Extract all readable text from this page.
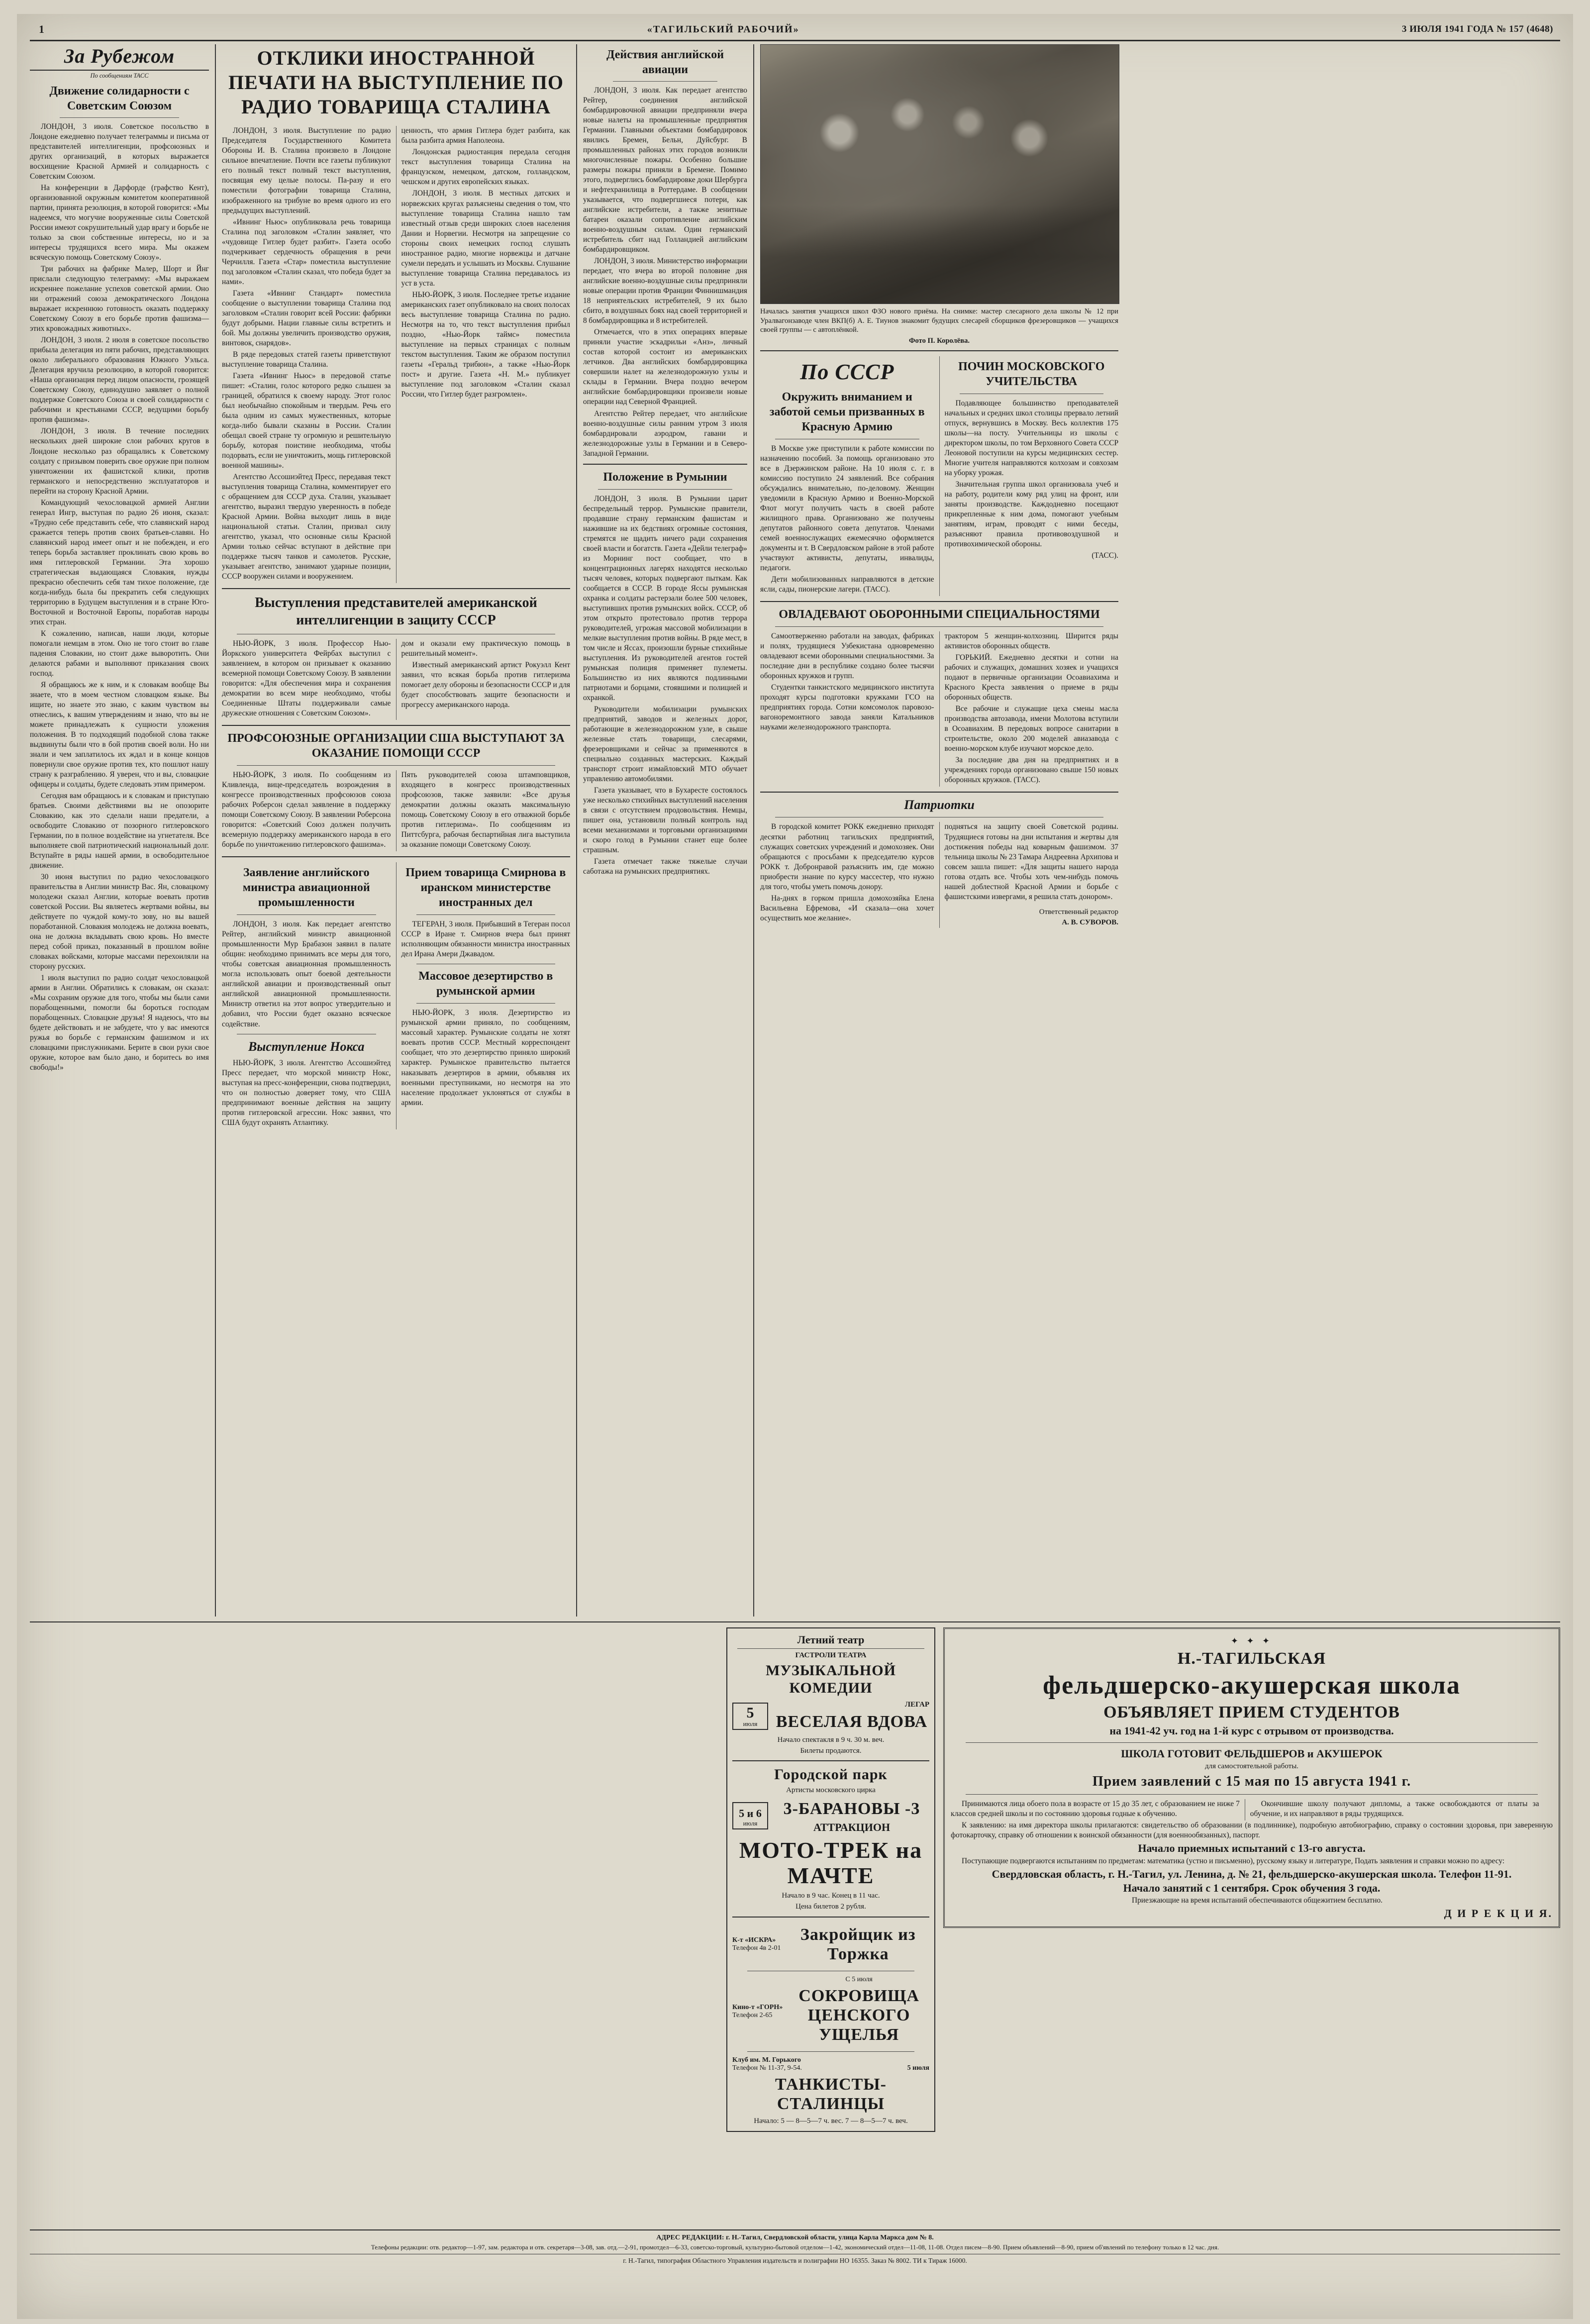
1	«ТАГИЛЬСКИЙ РАБОЧИЙ»	3 ИЮЛЯ 1941 ГОДА № 157 (4648)
За Рубежом
По сообщениям ТАСС
Движение солидарности с Советским Союзом

ЛОНДОН, 3 июля. Советское посольство в Лондоне ежедневно получает телеграммы и письма от представителей интеллигенции, профсоюзных и других организаций, в которых выражается восхищение Красной Армией и солидарность с Советским Союзом.

На конференции в Дарфорде (графство Кент), организованной окружным комитетом кооперативной партии, принята резолюция, в которой говорится: «Мы надеемся, что могучие вооруженные силы Советской России имеют сокрушительный удар врагу и борьбе не только за свои собственные интересы, но и за интересы трудящихся всего мира. Мы окажем всяческую помощь Советскому Союзу».

Три рабочих на фабрике Малер, Шорт и Йнг прислали следующую телеграмму: «Мы выражаем искреннее пожелание успехов советской армии. Оно ни отражений союза демократического Лондона выражает искреннюю готовность оказать поддержку Советскому Союзу в его борьбе против фашизма—этих кровожадных животных».

ЛОНДОН, 3 июля. 2 июля в советское посольство прибыла делегация из пяти рабочих, представляющих около либерального образования Южного Уэльса. Делегация вручила резолюцию, в которой говорится: «Наша организация перед лицом опасности, грозящей Советскому Союзу, единодушно заявляет о полной поддержке Советского Союза и своей солидарности с рабочими и крестьянами СССР, ведущими борьбу против фашизма».

ЛОНДОН, 3 июля. В течение последних нескольких дней широкие слои рабочих кругов в Лондоне несколько раз обращались к Советскому солдату с призывом поверить свое оружие при полном уничтожении их фашистской клики, против германского и непосредственно эксплуататоров и перейти на сторону Красной Армии.

Командующий чехословацкой армией Англии генерал Ингр, выступая по радио 26 июня, сказал: «Трудно себе представить себе, что славянский народ сражается теперь против своих братьев-славян. Но славянский народ имеет опыт и не побежден, и его теперь борьба заставляет проклинать свою кровь во имя гитлеровской Германии. Эта хорошо стратегическая выдающаяся Словакия, нужды прекрасно обеспечить себя там тихое положение, где когда-нибудь была бы прекратить себя следующих территорию в Будущем выступления и в стране Юго-Восточной и Восточной Европы, поработав народы этих стран.

К сожалению, написав, наши люди, которые помогали немцам в этом. Оно не того стоит во главе падения Словакии, но стоит даже выворотить. Они делаются рабами и выполняют приказания своих господ.

Я обращаюсь же к ним, и к словакам вообще Вы знаете, что в моем честном словацком языке. Вы ищите, но знаете это знаю, с каким чувством вы отнеслись, к вашим утверждениям и знаю, что вы не можете принадлежать к сущности уложения положения. В то подходящий подобной слова также выдвинуты были что в бой против своей воли. Но ни знали и чем заплатилось их ждал и в конце концов повернули свое оружие против тех, кто пошлют нашу страну к разграблению. Я уверен, что и вы, словацкие офицеры и солдаты, будете следовать этим примером.

Сегодня вам обращаюсь и к словакам и приступаю братьев. Своими действиями вы не опозорите Словакию, как это сделали наши предатели, а освободите Словакию от позорного гитлеровского Германии, по в полное воздействие на угнетателя. Все выполняете свой патриотический национальный долг. Вступайте в ряды нашей армии, в освободительное движение.

30 июня выступил по радио чехословацкого правительства в Англии министр Вас. Ян, словацкому молодежи сказал Англии, которые воевать против советской России. Вы являетесь жертвами войны, вы действуете по чуждой кому-то зову, но вы вашей поработанной. Словакия молодежь не должна воевать, она не должна вкладывать свою кровь. Но вместе перед собой приказ, показанный в прошлом войне словаках войсками, которые массами перехоиляли на сторону русских.

1 июля выступил по радио солдат чехословацкой армии в Англии. Обратились к словакам, он сказал: «Мы сохраним оружие для того, чтобы мы были сами порабощенными, помогли бы бороться господам порабощенных. Словацкие друзья! Я надеюсь, что вы будете действовать и не забудете, что у вас имеются ружья во борьбе с германским фашизмом и их словацкими прислужниками. Берите в свои руки свое оружие, которое вам было дано, и боритесь во имя свободы!»

ОТКЛИКИ ИНОСТРАННОЙ ПЕЧАТИ НА ВЫСТУПЛЕНИЕ ПО РАДИО ТОВАРИЩА СТАЛИНА

ЛОНДОН, 3 июля. Выступление по радио Председателя Государственного Комитета Обороны И. В. Сталина произвело в Лондоне сильное впечатление. Почти все газеты публикуют его полный текст полный текст выступления, посвящая ему целые полосы. Па-разу и его поместили фотографии товарища Сталина, изображенного на трибуне во время одного из его предыдущих выступлений.

«Ивнинг Ньюс» опубликовала речь товарища Сталина под заголовком «Сталин заявляет, что «чудовище Гитлер будет разбит». Газета особо подчеркивает сердечность обращения в речи Черчилля. Газета «Стар» поместила выступление под заголовком «Сталин сказал, что победа будет за нами».

Газета «Ивнинг Стандарт» поместила сообщение о выступлении товарища Сталина под заголовком «Сталин говорит всей России: фабрики будут добрыми. Нации главные силы встретить и бой. Мы должны увеличить производство оружия, винтовок, снарядов».

В ряде передовых статей газеты приветствуют выступление товарища Сталина.

Газета «Ивнинг Ньюс» в передовой статье пишет: «Сталин, голос которого редко слышен за границей, обратился к своему народу. Этот голос был необычайно спокойным и твердым. Речь его была одним из самых мужественных, которые когда-либо бывали сказаны в России. Сталин обещал своей стране ту огромную и решительную борьбу, которая поистине необходима, чтобы подорвать, если не уничтожить, мощь гитлеровской военной машины».

Агентство Ассошиэйтед Пресс, передавая текст выступления товарища Сталина, комментирует его с обращением для СССР духа. Сталин, указывает агентство, выразил твердую уверенность в победе Красной Армии. Война выходит лишь в виде национальной статьи. Сталин, призвал силу агентство, указал, что основные силы Красной Армии только сейчас вступают в действие при поддержке тысяч танков и самолетов. Русские, указывает агентство, занимают ударные позиции, СССР вооружен силами и вооружением.

ценность, что армия Гитлера будет разбита, как была разбита армия Наполеона.

Лондонская радиостанция передала сегодня текст выступления товарища Сталина на французском, немецком, датском, голландском, чешском и других европейских языках.

ЛОНДОН, 3 июля. В местных датских и норвежских кругах разъяснены сведения о том, что выступление товарища Сталина нашло там известный отзыв среди широких слоев населения Дании и Норвегии. Несмотря на запрещение со стороны своих немецких господ слушать иностранное радио, многие норвежцы и датчане сумели передать и услышать из Москвы. Слушание выступление товарища Сталина передавалось из уст в уста.

НЬЮ-ЙОРК, 3 июля. Последнее третье издание американских газет опубликовало на своих полосах весь выступление товарища Сталина по радио. Несмотря на то, что текст выступления прибыл поздно, «Нью-Йорк таймс» поместила выступление на первых страницах с полным текстом выступления. Таким же образом поступил газеты «Геральд трибюн», а также «Нью-Йорк пост» и другие. Газета «Н. М.» публикует выступление под заголовком «Сталин сказал России, что Гитлер будет разгромлен».

Выступления представителей американской интеллигенции в защиту СССР

НЬЮ-ЙОРК, 3 июля. Профессор Нью-Йоркского университета Фейрбах выступил с заявлением, в котором он призывает к оказанию всемерной помощи Советскому Союзу. В заявлении говорится: «Для обеспечения мира и сохранения демократии во всем мире необходимо, чтобы Соединенные Штаты поддерживали самые дружеские отношения с Советским Союзом».

дом и оказали ему практическую помощь в решительный момент».

Известный американский артист Рокуэлл Кент заявил, что всякая борьба против гитлеризма помогает делу обороны и безопасности СССР и для будет способствовать защите безопасности и прогрессу американского народа.

ПРОФСОЮЗНЫЕ ОРГАНИЗАЦИИ США ВЫСТУПАЮТ ЗА ОКАЗАНИЕ ПОМОЩИ СССР

НЬЮ-ЙОРК, 3 июля. По сообщениям из Кливленда, вице-председатель возрождения в конгрессе производственных профсоюзов союза рабочих Роберсон сделал заявление в поддержку помощи Советскому Союзу. В заявлении Роберсона говорится: «Советский Союз должен получить всемерную поддержку американского народа в его борьбе по уничтожению гитлеровского фашизма».

Пять руководителей союза штамповщиков, входящего в конгресс производственных профсоюзов, также заявили: «Все друзья демократии должны оказать максимальную помощь Советскому Союзу в его отважной борьбе против гитлеризма». По сообщениям из Питтсбурга, рабочая беспартийная лига выступила за оказание помощи Советскому Союзу.

Заявление английского министра авиационной промышленности

ЛОНДОН, 3 июля. Как передает агентство Рейтер, английский министр авиационной промышленности Мур Брабазон заявил в палате общин: необходимо принимать все меры для того, чтобы советская авиационная промышленность могла использовать опыт боевой деятельности английской авиации и производственный опыт английской авиационной промышленности. Министр ответил на этот вопрос утвердительно и добавил, что России будет оказано всяческое содействие.

Выступление Нокса

НЬЮ-ЙОРК, 3 июля. Агентство Ассошиэйтед Пресс передает, что морской министр Нокс, выступая на пресс-конференции, снова подтвердил, что он полностью доверяет тому, что США предпринимают военные действия на защиту против гитлеровской агрессии. Нокс заявил, что США будут охранять Атлантику.

Прием товарища Смирнова в иранском министерстве иностранных дел

ТЕГЕРАН, 3 июля. Прибывший в Тегеран посол СССР в Иране т. Смирнов вчера был принят исполняющим обязанности министра иностранных дел Ирана Амери Джавадом.

Массовое дезертирство в румынской армии

НЬЮ-ЙОРК, 3 июля. Дезертирство из румынской армии приняло, по сообщениям, массовый характер. Румынские солдаты не хотят воевать против СССР. Местный корреспондент сообщает, что это дезертирство приняло широкий характер. Румынское правительство пытается наказывать дезертиров в армии, объявляя их военными преступниками, но несмотря на это население продолжает уклоняться от службы в армии.

Действия английской авиации

ЛОНДОН, 3 июля. Как передает агентство Рейтер, соединения английской бомбардировочной авиации предприняли вчера новые налеты на промышленные предприятия Германии. Главными объектами бомбардировок явились Бремен, Бельн, Дуйсбург. В промышленных районах этих городов возникли многочисленные пожары. Особенно большие размеры пожары приняли в Бремене. Помимо этого, подверглись бомбардировке доки Шербурга и нефтехранилища в Роттердаме. В сообщении указывается, что подвергшиеся потери, как английские истребители, а также зенитные батареи оказали сопротивление английским военно-воздушным силам. Один германский истребитель сбит над Голландией английским бомбардировщиком.

ЛОНДОН, 3 июля. Министерство информации передает, что вчера во второй половине дня английские военно-воздушные силы предприняли новые операции против Франции Финнишмандия 18 неприятельских истребителей, 9 их было сбито, в воздушных боях над своей территорией и 8 бомбардировщика и 8 истребителей.

Отмечается, что в этих операциях впервые приняли участие эскадрильи «Анз», личный состав которой состоит из американских летчиков. Два английских бомбардировщика совершили налет на железнодорожную узлы и склады в Германии. Вчера поздно вечером английские бомбардировщики произвели новые операции над Северной Францией.

Агентство Рейтер передает, что английские военно-воздушные силы ранним утром 3 июля бомбардировали аэродром, гавани и железнодорожные узлы в Германии и в Северо-Западной Германии.

Положение в Румынии

ЛОНДОН, 3 июля. В Румынии царит беспредельный террор. Румынские правители, продавшие страну германским фашистам и нажившие на их бедствиях огромные состояния, стремятся не щадить ничего ради сохранения своей власти и богатств. Газета «Дейли телеграф» из Морнинг пост сообщает, что в концентрационных лагерях находятся несколько тысяч человек, которых подвергают пыткам. Как сообщается в СССР. В городе Яссы румынская охранка и солдаты растерзали более 500 человек, выступивших против румынских войск. СССР, об этом открыто протестовало против террора руководителей, угрожая массовой мобилизации в мелкие выступления против войны. В ряде мест, в том числе и Яссах, произошли бурные стихийные выступления. Из руководителей агентов гостей румынская полиция применяет пулеметы. Большинство из них являются подлинными патриотами и борцами, стоявшими и полицией и охранкой.

Руководители мобилизации румынских предприятий, заводов и железных дорог, работающие в железнодорожном узле, в свыше железные стать товарищи, слесарями, фрезеровщиками и сейчас за применяются в специально созданных мастерских. Каждый транспорт строит измайловский МТО обучает управлению автомобилями.

Газета указывает, что в Бухаресте состоялось уже несколько стихийных выступлений населения в связи с отсутствием продовольствия. Немцы, пишет она, установили полный контроль над всеми механизмами и торговыми организациями и скоро голод в Румынии станет еще более страшным.

Газета отмечает также тяжелые случаи саботажа на румынских предприятиях.

Началась занятия учащихся школ ФЗО нового приёма. На снимке: мастер слесарного дела школы № 12 при Уралвагонзаводе член ВКП(б) А. Е. Тиунов знакомит будущих слесарей сборщиков фрезеровщиков — учащихся своей группы — с автоплёнкой.
Фото П. Королёва.
По СССР
Окружить вниманием и заботой семьи призванных в Красную Армию

В Москве уже приступили к работе комиссии по назначению пособий. За помощь организовано это все в Дзержинском районе. На 10 июля с. г. в комиссию поступило 24 заявлений. Все собрания обсуждались внимательно, по-деловому. Женщин уведомили в Красную Армию и Военно-Морской Флот могут получить часть в своей работе жилищного права. Организовано же получены депутатов районного совета депутатов. Членами семей военнослужащих ежемесячно оформляется документы и т. В Свердловском районе в этой работе участвуют активисты, депутаты, инвалиды, педагоги.

Дети мобилизованных направляются в детские ясли, сады, пионерские лагери. (ТАСС).

ПОЧИН МОСКОВСКОГО УЧИТЕЛЬСТВА

Подавляющее большинство преподавателей начальных и средних школ столицы прервало летний отпуск, вернувшись в Москву. Весь коллектив 175 школы—на посту. Учительницы из школы с директором школы, по том Верховного Совета СССР Леоновой поступили на курсы медицинских сестер. Многие учителя направляются колхозам и совхозам на уборку урожая.

Значительная группа школ организовала учеб и на работу, родители кому ряд улиц на фронт, или заняты производстве. Каждодневно посещают прикрепленные к ним дома, помогают учебным занятиям, играм, проводят с ними беседы, разъясняют правила противовоздушной и противохимической обороны.

(ТАСС).

ОВЛАДЕВАЮТ ОБОРОННЫМИ СПЕЦИАЛЬНОСТЯМИ

Самоотверженно работали на заводах, фабриках и полях, трудящиеся Узбекистана одновременно овладевают всеми оборонными специальностями. За последние дни в республике создано более тысячи оборонных кружков и групп.

Студентки танкистского медицинского института проходят курсы подготовки кружками ГСО на предприятиях города. Сотни комсомолок паровозо-вагоноремонтного завода заняли Катальников науками железнодорожного транспорта.

трактором 5 женщин-колхозниц. Ширится ряды активистов оборонных обществ.

ГОРЬКИЙ. Ежедневно десятки и сотни на рабочих и служащих, домашних хозяек и учащихся подают в первичные организации Осоавиахима и Красного Креста заявления о приеме в ряды оборонных обществ.

Все рабочие и служащие цеха смены масла производства автозавода, имени Молотова вступили в Осоавиахим. В передовых вопросе санитарии в строительстве, около 200 моделей авиазавода с военно-морском клубе изучают морское дело.

За последние два дня на предприятиях и в учреждениях города организовано свыше 150 новых оборонных кружков. (ТАСС).

Патриотки

В городской комитет РОКК ежедневно приходят десятки работниц тагильских предприятий, служащих советских учреждений и домохозяек. Они обращаются с просьбами к председателю курсов РОКК т. Добронравой разъяснить им, где можно приобрести знание по курсу массестер, что нужно для того, чтобы уметь помочь донору.

На-днях в горком пришла домохозяйка Елена Васильевна Ефремова, «И сказала—она хочет осуществить мое желание».

подняться на защиту своей Советской родины. Трудящиеся готовы на дни испытания и жертвы для достижения победы над коварным фашизмом. 37 тельница школы № 23 Тамара Андреевна Архипова и совсем зашла пишет: «Для защиты нашего народа готова отдать все. Чтобы хоть чем-нибудь помочь нашей доблестной Красной Армии и борьбе с фашистскими извергами, я решила стать донором».

Ответственный редактор
А. В. СУВОРОВ.
Летний театр
ГАСТРОЛИ ТЕАТРА
МУЗЫКАЛЬНОЙ КОМЕДИИ
5
июля
ЛЕГАР
ВЕСЕЛАЯ ВДОВА
Начало спектакля в 9 ч. 30 м. веч.
Билеты продаются.
Городской парк
Артисты московского цирка
5 и 6
июля
3-БАРАНОВЫ -3
АТТРАКЦИОН
МОТО-ТРЕК на МАЧТЕ
Начало в 9 час. Конец в 11 час.
Цена билетов 2 рубля.
К-т «ИСКРА»
Телефон 4в 2-01
Закройщик из Торжка
Кино-т «ГОРН»
Телефон 2-65
С 5 июля
СОКРОВИЩА ЦЕНСКОГО УЩЕЛЬЯ
Клуб им. М. Горького
Телефон № 11-37, 9-54.	5 июля
ТАНКИСТЫ-СТАЛИНЦЫ
Начало: 5 — 8—5—7 ч. вес. 7 — 8—5—7 ч. веч.
✦ ✦ ✦
Н.-ТАГИЛЬСКАЯ
фельдшерско-акушерская школа
ОБЪЯВЛЯЕТ ПРИЕМ СТУДЕНТОВ
на 1941-42 уч. год на 1-й курс с отрывом от производства.
ШКОЛА ГОТОВИТ ФЕЛЬДШЕРОВ и АКУШЕРОК
для самостоятельной работы.
Прием заявлений с 15 мая по 15 августа 1941 г.

Принимаются лица обоего пола в возрасте от 15 до 35 лет, с образованием не ниже 7 классов средней школы и по состоянию здоровья годные к обучению.

Окончившие школу получают дипломы, а также освобождаются от платы за обучение, и их направляют в ряды трудящихся.

К заявлению: на имя директора школы прилагаются: свидетельство об образовании (в подлиннике), подробную автобиографию, справку о состоянии здоровья, при заверенную фотокарточку, справку об отношении к воинской обязанности (для военнообязанных), паспорт.

Начало приемных испытаний с 13-го августа.

Поступающие подвергаются испытаниям по предметам: математика (устно и письменно), русскому языку и литературе, Подать заявления и справки можно по адресу:

Свердловская область, г. Н.-Тагил, ул. Ленина, д. № 21, фельдшерско-акушерская школа. Телефон 11-91.
Начало занятий с 1 сентября. Срок обучения 3 года.

Приезжающие на время испытаний обеспечиваются общежитием бесплатно.

Д И Р Е К Ц И Я.
АДРЕС РЕДАКЦИИ: г. Н.-Тагил, Свердловской области, улица Карла Маркса дом № 8.
Телефоны редакции: отв. редактор—1-97, зам. редактора и отв. секретаря—3-08, зав. отд.—2-91, промотдел—6-33, советско-торговый, культурно-бытовой отделом—1-42, экономический отдел—11-08, 11-08. Отдел писем—8-90. Прием объявлений—8-90, прием об'явлений по телефону только в 12 час. дня.
г. Н.-Тагил, типография Областного Управления издательств и полиграфии НО 16355. Заказ № 8002. ТИ к Тираж 16000.
